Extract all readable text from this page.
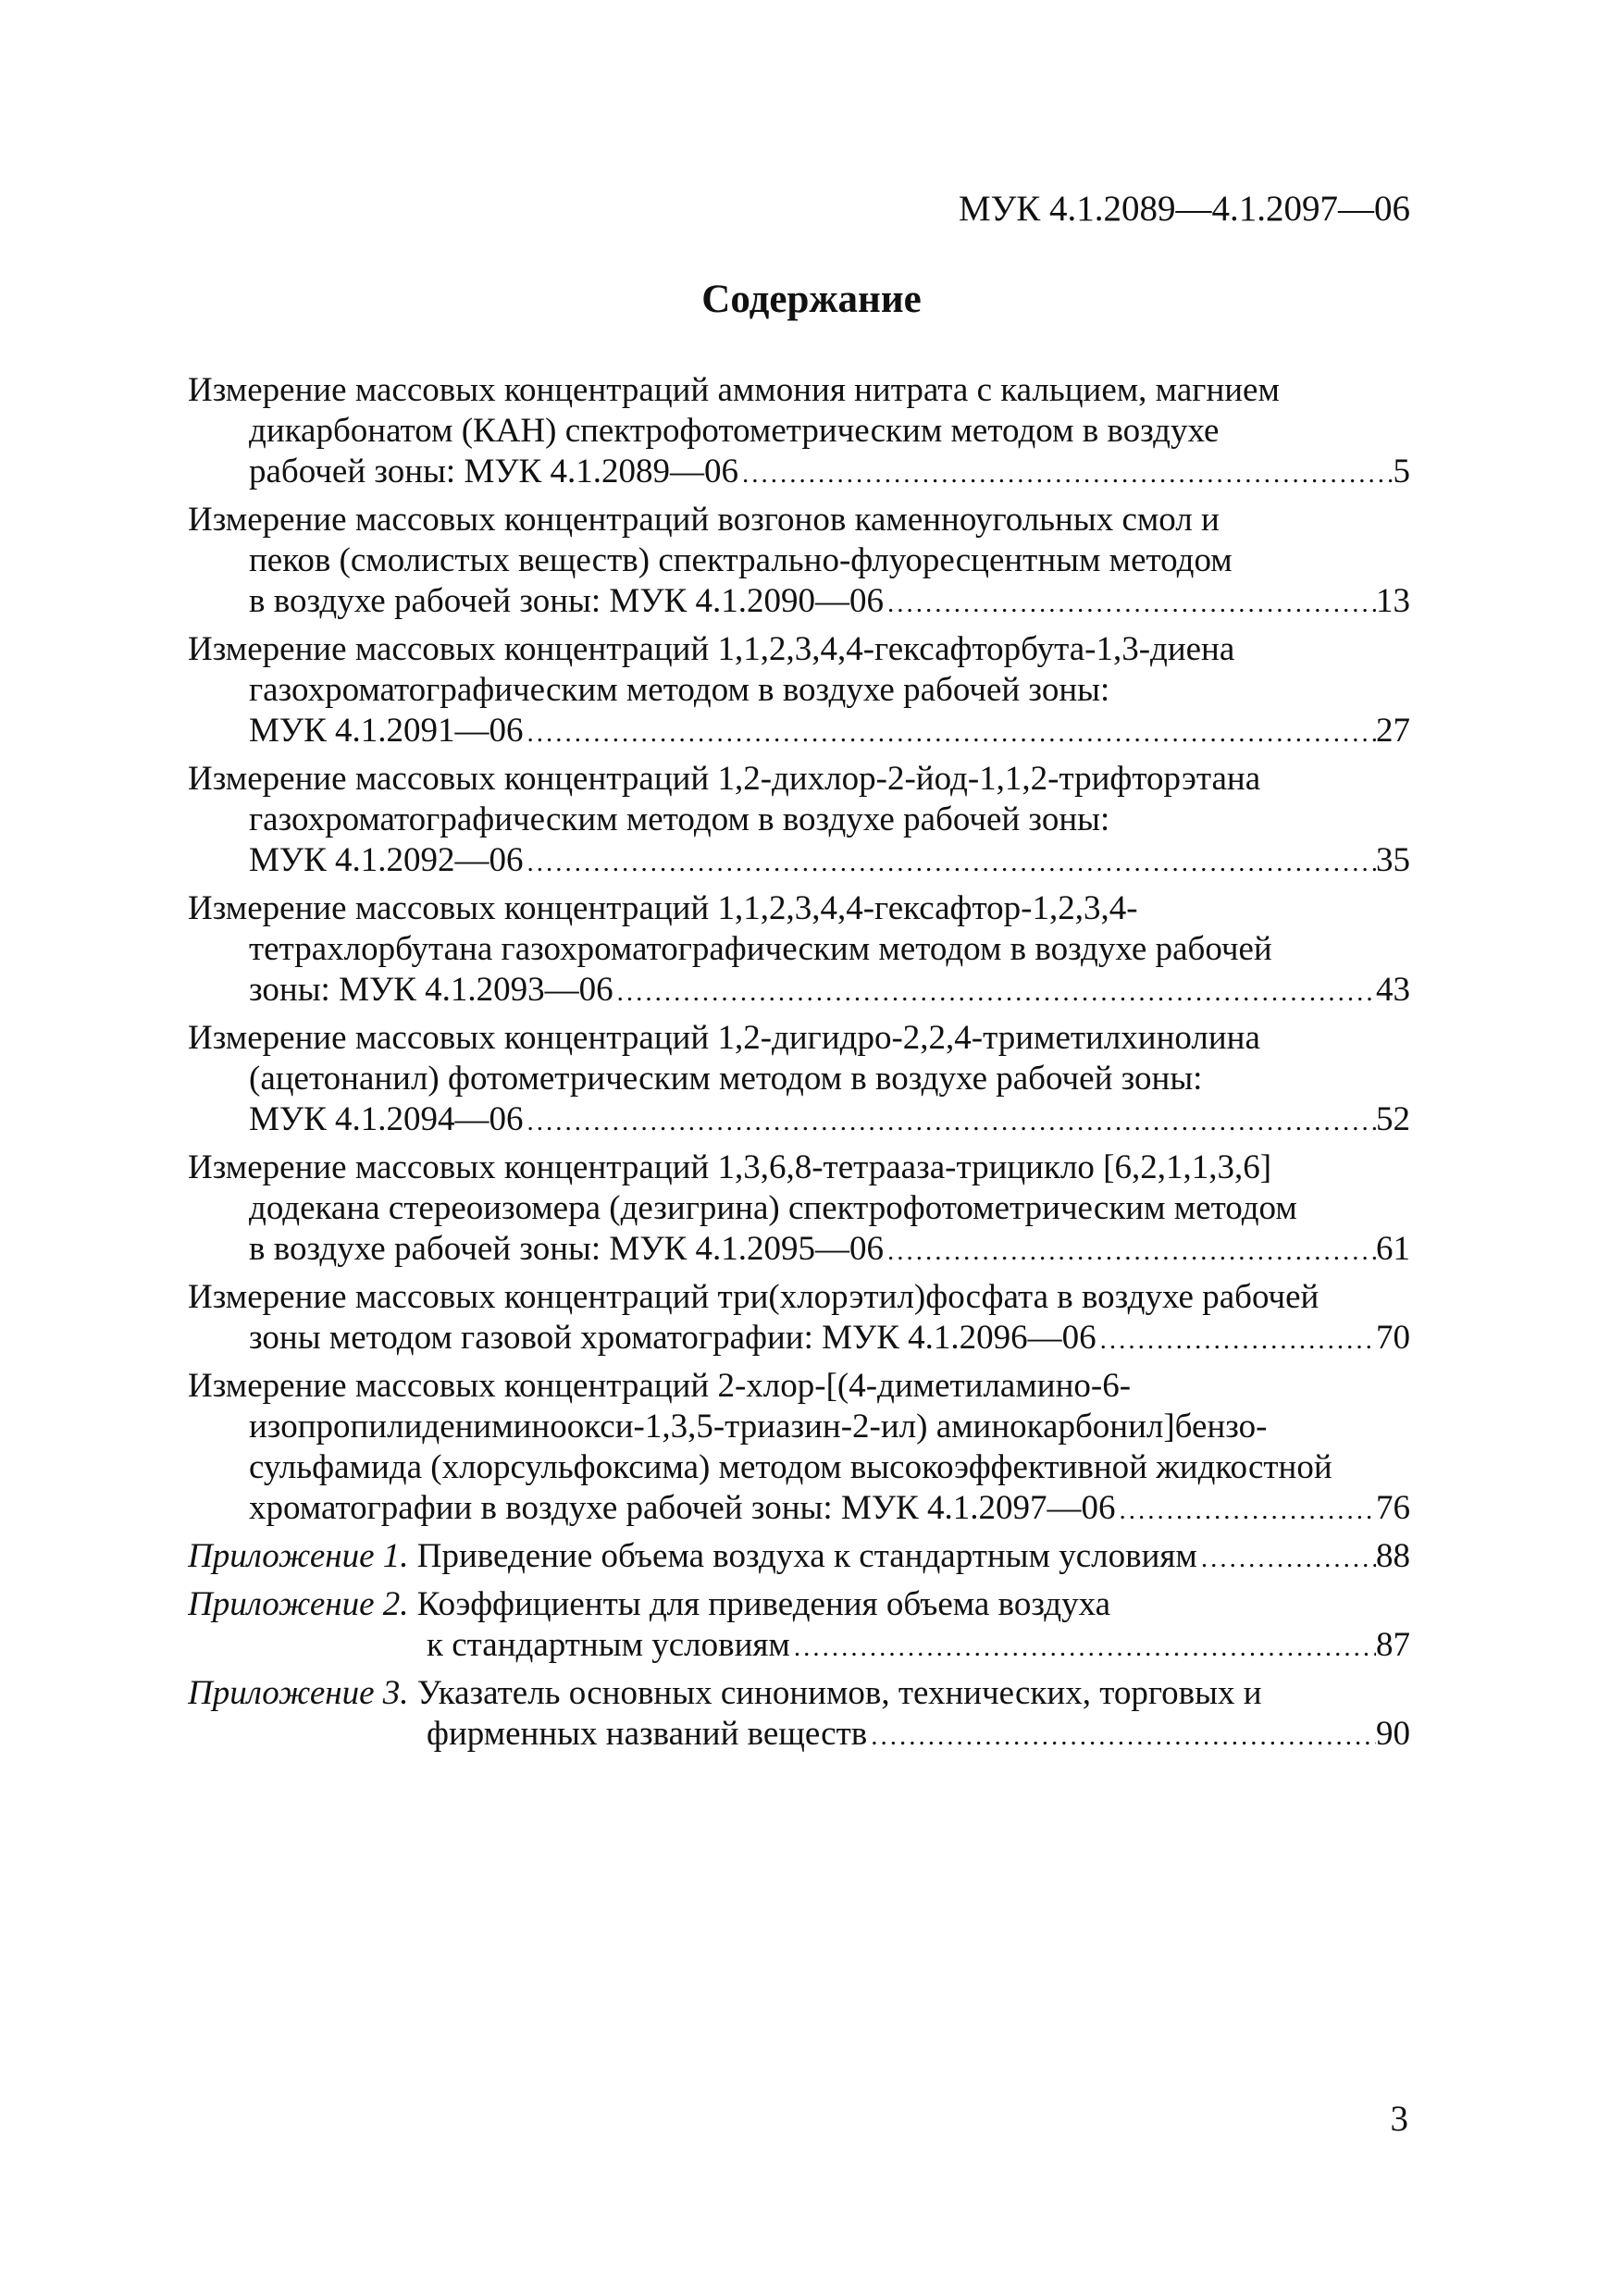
МУК 4.1.2089—4.1.2097—06
Содержание
Измерение массовых концентраций аммония нитрата с кальцием, магнием
дикарбонатом (КАН) спектрофотометрическим методом в воздухе
рабочей зоны: МУК 4.1.2089—06 .....	5
Измерение массовых концентраций возгонов каменноугольных смол и
пеков (смолистых веществ) спектрально-флуоресцентным методом
в воздухе рабочей зоны: МУК 4.1.2090—06 .....	13
Измерение массовых концентраций 1,1,2,3,4,4-гексафторбута-1,3-диена
газохроматографическим методом в воздухе рабочей зоны:
МУК 4.1.2091—06 .....	27
Измерение массовых концентраций 1,2-дихлор-2-йод-1,1,2-трифторэтана
газохроматографическим методом в воздухе рабочей зоны:
МУК 4.1.2092—06 .....	35
Измерение массовых концентраций 1,1,2,3,4,4-гексафтор-1,2,3,4-
тетрахлорбутана газохроматографическим методом в воздухе рабочей
зоны: МУК 4.1.2093—06 .....	43
Измерение массовых концентраций 1,2-дигидро-2,2,4-триметилхинолина
(ацетонанил) фотометрическим методом в воздухе рабочей зоны:
МУК 4.1.2094—06 .....	52
Измерение массовых концентраций 1,3,6,8-тетрааза-трицикло [6,2,1,1,3,6]
додекана стереоизомера (дезигрина) спектрофотометрическим методом
в воздухе рабочей зоны: МУК 4.1.2095—06 .....	61
Измерение массовых концентраций три(хлорэтил)фосфата в воздухе рабочей
зоны методом газовой хроматографии: МУК 4.1.2096—06 .....	70
Измерение массовых концентраций 2-хлор-[(4-диметиламино-6-
изопропилидениминоокси-1,3,5-триазин-2-ил) аминокарбонил]бензо-
сульфамида (хлорсульфоксима) методом высокоэффективной жидкостной
хроматографии в воздухе рабочей зоны: МУК 4.1.2097—06 .....	76
Приложение 1. Приведение объема воздуха к стандартным условиям .....	88
Приложение 2. Коэффициенты для приведения объема воздуха
к стандартным условиям .....	87
Приложение 3. Указатель основных синонимов, технических, торговых и
фирменных названий веществ .....	90
3
